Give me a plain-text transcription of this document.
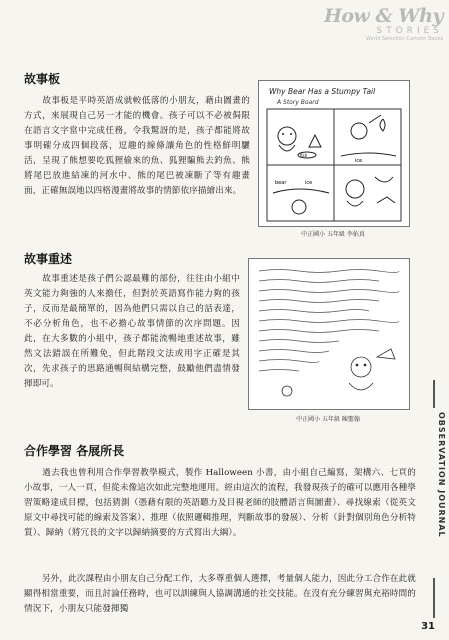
How & Why
STORIES
World Selection Cartoon Books
故事板
故事板是平時英語成就較低落的小朋友，藉由圖畫的方式，來展現自己另一才能的機會。孩子可以不必被侷限在語言文字當中完成任務，令我驚訝的是，孩子都能將故事明確分成四個段落，逗趣的線條讓角色的性格鮮明驪活，呈現了熊想要吃狐狸偷來的魚、狐狸騙熊去釣魚、熊將尾巴放進結凍的河水中、熊的尾巴被凍斷了等有趣畫面，正確無誤地以四格漫畫將故事的情節依序描繪出來。
Why Bear Has a Stumpy Tail
A Story Board
fish
ice
bear	ice
中正國小 五年級 李佑真
故事重述
故事重述是孩子們公認最難的部份，往往由小組中英文能力夠強的人來擔任，但對於英語寫作能力夠的孩子，反而是最簡單的，因為他們只需以自己的話表達，不必分析角色，也不必擔心故事情節的次序問題。因此，在大多數的小組中，孩子都能流暢地重述故事，雖然文法錯誤在所難免，但此階段文法或用字正確是其次，先求孩子的思路通暢與結構完整，鼓勵他們盡情發揮即可。
中正國小 五年級 陳聖翰
合作學習 各展所長
過去我也曾利用合作學習教學模式，製作 Halloween 小書，由小組自己編寫，架構六、七頁的小故事，一人一頁，但從未像這次如此完整地運用。經由這次的流程，我發現孩子的確可以應用各種學習策略達成目標，包括猜測（憑藉有限的英語聽力及目視老師的肢體語言與圖畫）、尋找線索（從英文原文中尋找可能的線索及答案）、推理（依照邏輯推理，判斷故事的發展）、分析（針對個別角色分析特質）、歸納（將冗長的文字以歸納摘要的方式寫出大綱）。
另外，此次課程由小朋友自己分配工作，大多尊重個人選擇，考量個人能力，因此分工合作在此就顯得相當重要，而且討論任務時，也可以訓練與人協調溝通的社交技能。在沒有充分練習與充裕時間的情況下，小朋友只能發揮獨
OBSERVATION JOURNAL
31
